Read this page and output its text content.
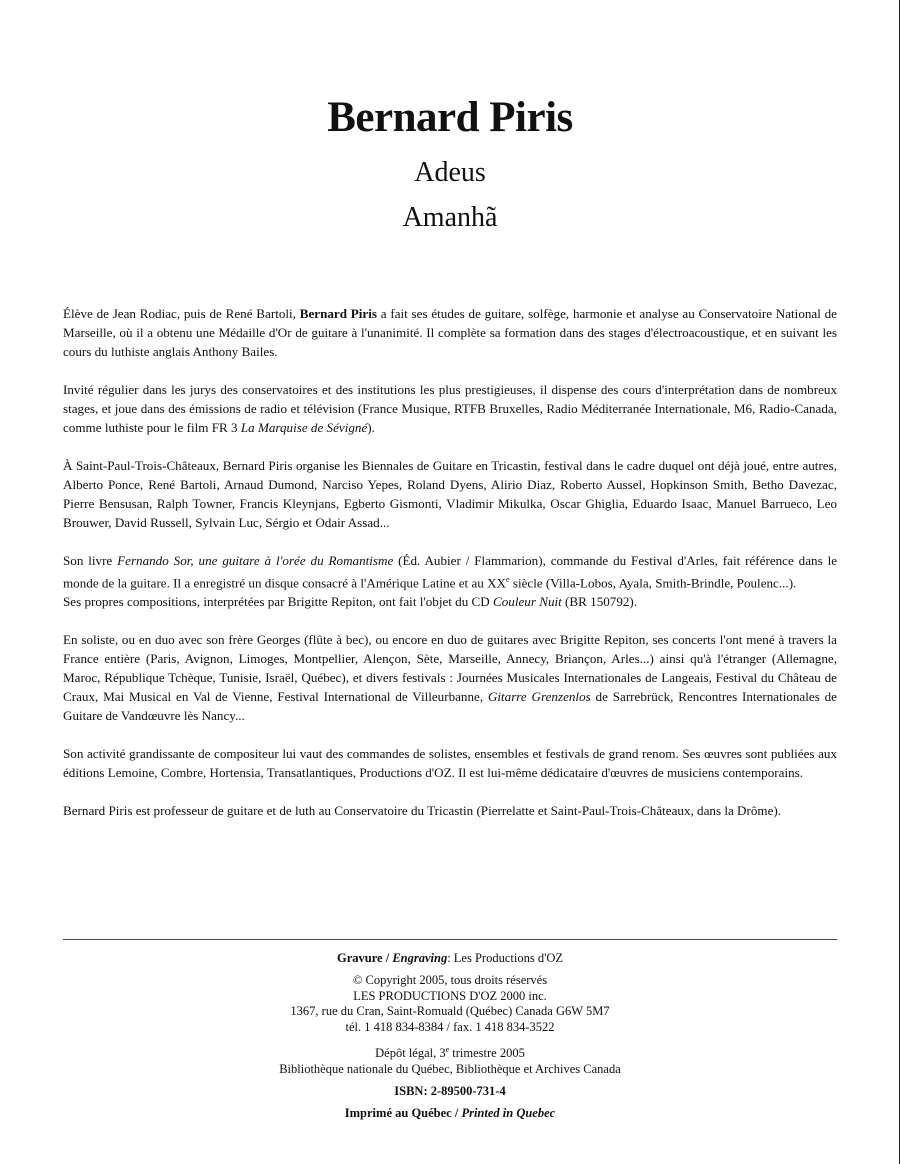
Bernard Piris
Adeus
Amanhã

Élève de Jean Rodiac, puis de René Bartoli, Bernard Piris a fait ses études de guitare, solfège, harmonie et analyse au Conservatoire National de Marseille, où il a obtenu une Médaille d'Or de guitare à l'unanimité. Il complète sa formation dans des stages d'électroacoustique, et en suivant les cours du luthiste anglais Anthony Bailes.

Invité régulier dans les jurys des conservatoires et des institutions les plus prestigieuses, il dispense des cours d'interprétation dans de nombreux stages, et joue dans des émissions de radio et télévision (France Musique, RTFB Bruxelles, Radio Méditerranée Internationale, M6, Radio-Canada, comme luthiste pour le film FR 3 La Marquise de Sévigné).

À Saint-Paul-Trois-Châteaux, Bernard Piris organise les Biennales de Guitare en Tricastin, festival dans le cadre duquel ont déjà joué, entre autres, Alberto Ponce, René Bartoli, Arnaud Dumond, Narciso Yepes, Roland Dyens, Alirio Diaz, Roberto Aussel, Hopkinson Smith, Betho Davezac, Pierre Bensusan, Ralph Towner, Francis Kleynjans, Egberto Gismonti, Vladimir Mikulka, Oscar Ghiglia, Eduardo Isaac, Manuel Barrueco, Leo Brouwer, David Russell, Sylvain Luc, Sérgio et Odair Assad...

Son livre Fernando Sor, une guitare à l'orée du Romantisme (Éd. Aubier / Flammarion), commande du Festival d'Arles, fait référence dans le monde de la guitare. Il a enregistré un disque consacré à l'Amérique Latine et au XXe siècle (Villa-Lobos, Ayala, Smith-Brindle, Poulenc...).
Ses propres compositions, interprétées par Brigitte Repiton, ont fait l'objet du CD Couleur Nuit (BR 150792).

En soliste, ou en duo avec son frère Georges (flûte à bec), ou encore en duo de guitares avec Brigitte Repiton, ses concerts l'ont mené à travers la France entière (Paris, Avignon, Limoges, Montpellier, Alençon, Sète, Marseille, Annecy, Briançon, Arles...) ainsi qu'à l'étranger (Allemagne, Maroc, République Tchèque, Tunisie, Israël, Québec), et divers festivals : Journées Musicales Internationales de Langeais, Festival du Château de Craux, Mai Musical en Val de Vienne, Festival International de Villeurbanne, Gitarre Grenzenlos de Sarrebrück, Rencontres Internationales de Guitare de Vandœuvre lès Nancy...

Son activité grandissante de compositeur lui vaut des commandes de solistes, ensembles et festivals de grand renom. Ses œuvres sont publiées aux éditions Lemoine, Combre, Hortensia, Transatlantiques, Productions d'OZ. Il est lui-même dédicataire d'œuvres de musiciens contemporains.

Bernard Piris est professeur de guitare et de luth au Conservatoire du Tricastin (Pierrelatte et Saint-Paul-Trois-Châteaux, dans la Drôme).

Gravure / Engraving: Les Productions d'OZ
© Copyright 2005, tous droits réservés
LES PRODUCTIONS D'OZ 2000 inc.
1367, rue du Cran, Saint-Romuald (Québec) Canada G6W 5M7
tél. 1 418 834-8384 / fax. 1 418 834-3522
Dépôt légal, 3e trimestre 2005
Bibliothèque nationale du Québec, Bibliothèque et Archives Canada
ISBN: 2-89500-731-4
Imprimé au Québec / Printed in Quebec
